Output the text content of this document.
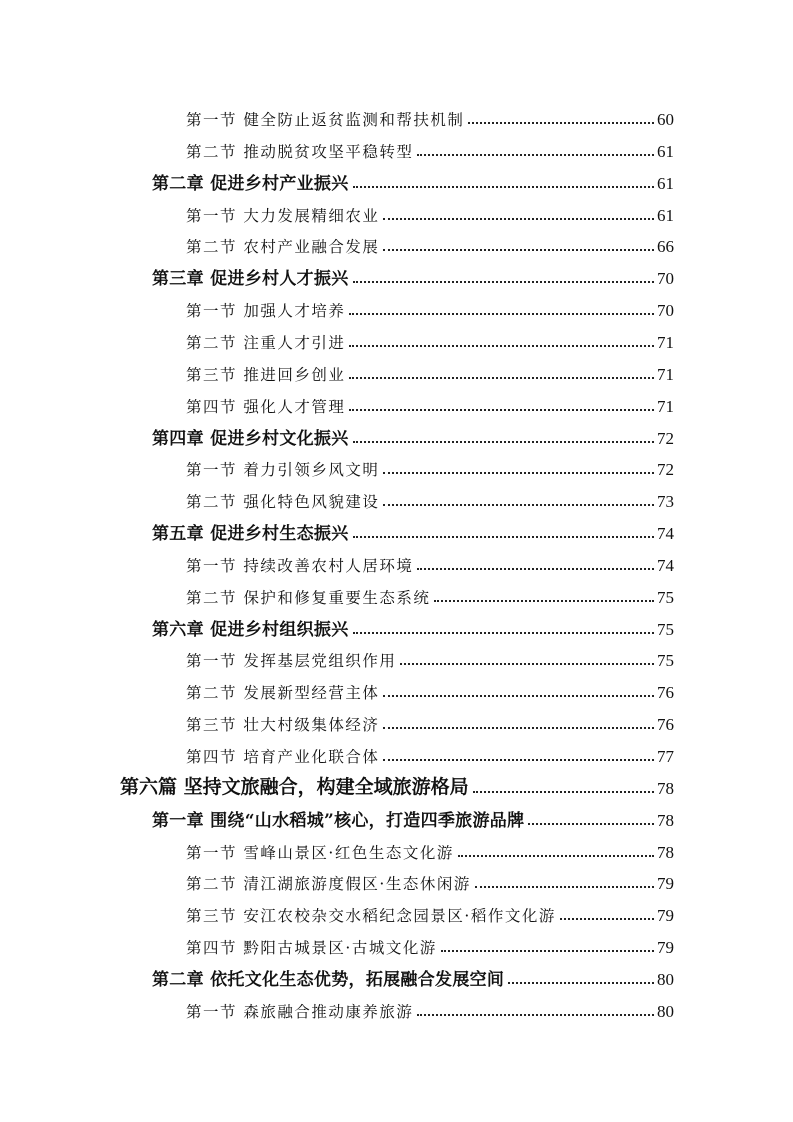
第一节 健全防止返贫监测和帮扶机制	60
第二节 推动脱贫攻坚平稳转型	61
第二章 促进乡村产业振兴	61
第一节 大力发展精细农业	61
第二节 农村产业融合发展	66
第三章 促进乡村人才振兴	70
第一节 加强人才培养	70
第二节 注重人才引进	71
第三节 推进回乡创业	71
第四节 强化人才管理	71
第四章 促进乡村文化振兴	72
第一节 着力引领乡风文明	72
第二节 强化特色风貌建设	73
第五章 促进乡村生态振兴	74
第一节 持续改善农村人居环境	74
第二节 保护和修复重要生态系统	75
第六章 促进乡村组织振兴	75
第一节 发挥基层党组织作用	75
第二节 发展新型经营主体	76
第三节 壮大村级集体经济	76
第四节 培育产业化联合体	77
第六篇 坚持文旅融合，构建全域旅游格局	78
第一章 围绕“山水稻城”核心，打造四季旅游品牌	78
第一节 雪峰山景区·红色生态文化游	78
第二节 清江湖旅游度假区·生态休闲游	79
第三节 安江农校杂交水稻纪念园景区·稻作文化游	79
第四节 黔阳古城景区·古城文化游	79
第二章 依托文化生态优势，拓展融合发展空间	80
第一节 森旅融合推动康养旅游	80
